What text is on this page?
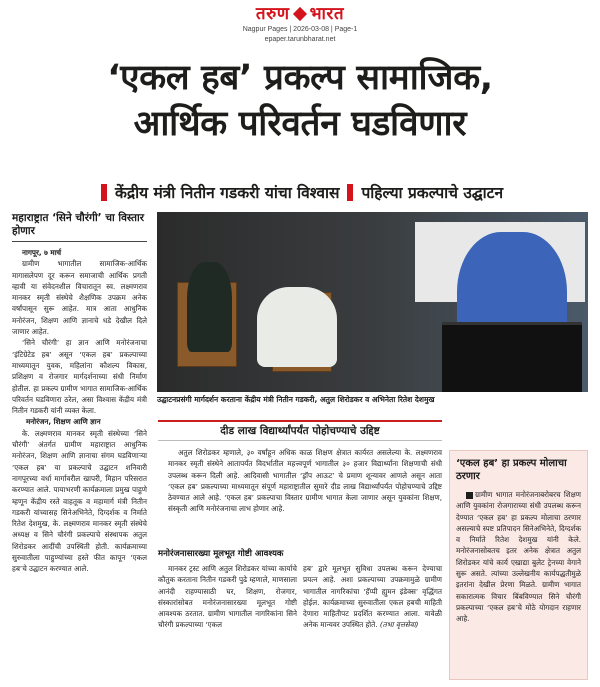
तरुण भारत
Nagpur Pages | 2026-03-08 | Page-1
epaper.tarunbharat.net
‘एकल हब’ प्रकल्प सामाजिक,
आर्थिक परिवर्तन घडविणार
केंद्रीय मंत्री नितीन गडकरी यांचा विश्वास पहिल्या प्रकल्पाचे उद्घाटन
महाराष्ट्रात ‘सिने चौरंगी’ चा विस्तार होणार

नागपूर, ७ मार्च

ग्रामीण भागातील सामाजिक-आर्थिक मागासलेपण दूर करून समाजाची आर्थिक प्रगती व्हावी या संवेदनशील विचारातून स्व. लक्ष्मणराव मानकर स्मृती संस्थेचे शैक्षणिक उपक्रम अनेक वर्षांपासून सुरू आहेत. मात्र आता आधुनिक मनोरंजन, शिक्षण आणि ज्ञानाचे धडे देखील दिले जाणार आहेत.

‘सिने चौरंगी’ हा ज्ञान आणि मनोरंजनाचा ‘इंटिग्रेटेड हब’ असून ‘एकल हब’ प्रकल्पाच्या माध्यमातून युवक, महिलांना कौशल्य विकास, प्रशिक्षण व रोजगार मार्गदर्शनाच्या संधी निर्माण होतील. हा प्रकल्प ग्रामीण भागात सामाजिक-आर्थिक परिवर्तन घडविणारा ठरेल, असा विश्वास केंद्रीय मंत्री नितीन गडकरी यांनी व्यक्त केला.

मनोरंजन, शिक्षण आणि ज्ञान

के. लक्ष्मणराव मानकर स्मृती संस्थेच्या ‘सिने चौरंगी’ अंतर्गत ग्रामीण महाराष्ट्रात आधुनिक मनोरंजन, शिक्षण आणि ज्ञानाचा संगम घडविणाऱ्या ‘एकल हब’ या प्रकल्पाचे उद्घाटन शनिवारी नागपूरच्या वर्धा मार्गावरील खापरी, मिहान परिसरात करण्यात आले. पायाभरणी कार्यक्रमाला प्रमुख पाहुणे म्हणून केंद्रीय रस्ते वाहतूक व महामार्ग मंत्री नितीन गडकरी यांच्यासह सिनेअभिनेते, दिग्दर्शक व निर्माते रितेश देशमुख, के. लक्ष्मणराव मानकर स्मृती संस्थेचे अध्यक्ष व सिने चौरंगी प्रकल्पाचे संस्थापक अतुल शिरोडकर आदींची उपस्थिती होती. कार्यक्रमाच्या सुरुवातीला पाहुण्यांच्या हस्ते फीत कापून ‘एकल हब’चे उद्घाटन करण्यात आले.

उद्घाटनप्रसंगी मार्गदर्शन करताना केंद्रीय मंत्री नितीन गडकरी, अतुल शिरोडकर व अभिनेता रितेश देशमुख
दीड लाख विद्यार्थ्यांपर्यंत पोहोचण्याचे उद्दिष्ट

अतुल शिरोडकर म्हणाले, ३० वर्षांहून अधिक काळ शिक्षण क्षेत्रात कार्यरत असलेल्या के. लक्ष्मणराव मानकर स्मृती संस्थेने आतापर्यंत विदर्भातील महत्त्वपूर्ण भागातील ३० हजार विद्यार्थ्यांना शिक्षणाची संधी उपलब्ध करून दिली आहे. आदिवासी भागातील ‘ड्रॉप आऊट’ चे प्रमाण शून्यावर आणले असून आता ‘एकल हब’ प्रकल्पाच्या माध्यमातून संपूर्ण महाराष्ट्रातील सुमारे दीड लाख विद्यार्थ्यांपर्यंत पोहोचण्याचे उद्दिष्ट ठेवण्यात आले आहे. ‘एकल हब’ प्रकल्पाचा विस्तार ग्रामीण भागात केला जाणार असून युवकांना शिक्षण, संस्कृती आणि मनोरंजनाचा लाभ होणार आहे.

मनोरंजनासारख्या मूलभूत गोष्टी आवश्यक

मानकर ट्रस्ट आणि अतुल शिरोडकर यांच्या कार्याचे कौतुक करताना नितीन गडकरी पुढे म्हणाले, माणसाला आनंदी राहण्यासाठी घर, शिक्षण, रोजगार, संस्कारांसोबत मनोरंजनासारख्या मूलभूत गोष्टी आवश्यक ठरतात. ग्रामीण भागातील नागरिकांना सिने चौरंगी प्रकल्पाच्या ‘एकल

हब’ द्वारे मूलभूत सुविधा उपलब्ध करून देण्याचा प्रयत्न आहे. अशा प्रकल्पाच्या उपक्रमामुळे ग्रामीण भागातील नागरिकांचा ‘हॅप्पी ह्युमन इंडेक्स’ वृद्धिंगत होईल. कार्यक्रमाच्या सुरुवातीला एकल हबची माहिती देणारा माहितीपट प्रदर्शित करण्यात आला. यावेळी अनेक मान्यवर उपस्थित होते. (तभा वृत्तसेवा)

‘एकल हब’ हा प्रकल्प मोलाचा ठरणार

ग्रामीण भागात मनोरंजनाबरोबरच शिक्षण आणि युवकांना रोजगाराच्या संधी उपलब्ध करून देण्यात ‘एकल हब’ हा प्रकल्प मोलाचा ठरणार असल्याचे स्पष्ट प्रतिपादन सिनेअभिनेते, दिग्दर्शक व निर्माते रितेश देशमुख यांनी केले. मनोरंजनासोबतच इतर अनेक क्षेत्रात अतुल शिरोडकर यांचे कार्य एखाद्या बुलेट ट्रेनच्या वेगाने सुरू असते. त्यांच्या उल्लेखनीय कार्यपद्धतीमुळे इतरांना देखील प्रेरणा मिळते. ग्रामीण भागात सकारात्मक विचार बिंबविण्यात सिने चौरंगी प्रकल्पाच्या ‘एकल हब’चे मोठे योगदान राहणार आहे.
